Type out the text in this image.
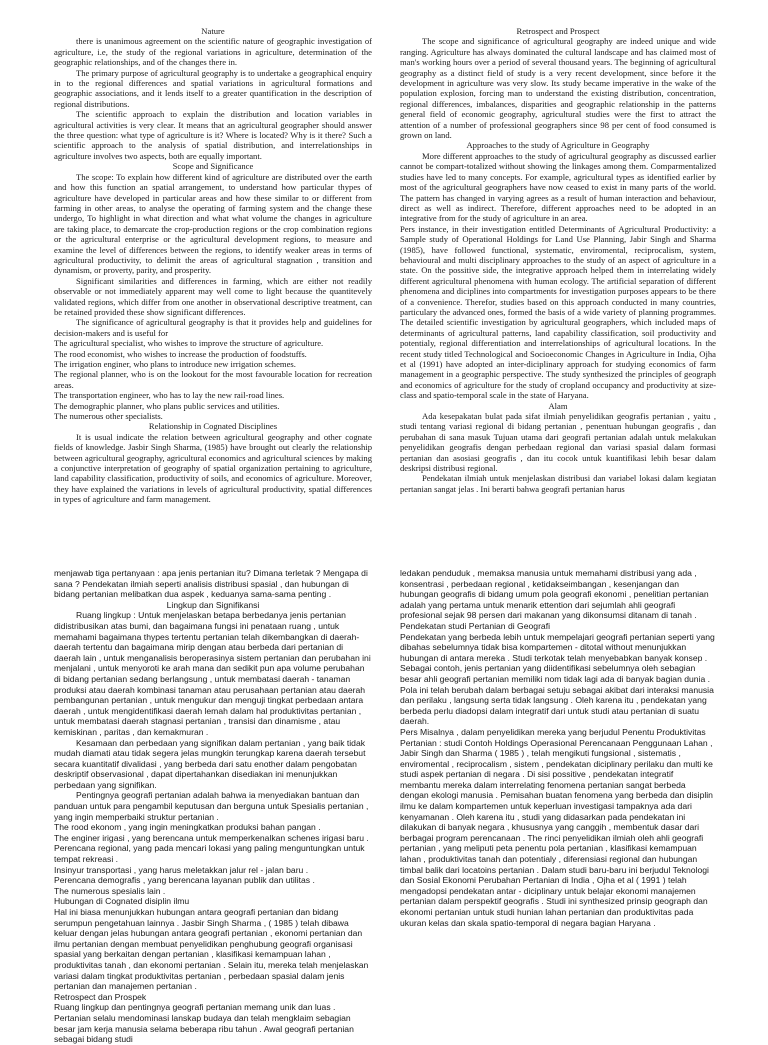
Nature

there is unanimous agreement on the scientific nature of geographic investigation of agriculture, i.e, the study of the regional variations in agriculture, determination of the geographic relationships, and of the changes there in.

The primary purpose of agricultural geography is to undertake a geographical enquiry in to the regional differences and spatial variations in agricultural formations and geographic associations, and it lends itself to a greater quantification in the description of regional distributions.

The scientific approach to explain the distribution and location variables in agricultural activities is very clear. It means that an agricultural geographer should answer the three question: what type of agriculture is it? Where is located? Why is it there? Such a scientific approach to the analysis of spatial distribution, and interrelationships in agriculture involves two aspects, both are equally important.

Scope and Significance

The scope: To explain how different kind of agriculture are distributed over the earth and how this function an spatial arrangement, to understand how particular thypes of agriculture have developed in particular areas and how these similar to or different from farming in other areas, to analyse the operating of farming system and the change these undergo, To highlight in what direction and what what volume the changes in agriculture are taking place, to demarcate the crop-production regions or the crop combination regions or the agricultural enterprise or the agricultural development regions, to measure and examine the level of differences between the regions, to identify weaker areas in terms of agricultural productivity, to delimit the areas of agricultural stagnation , transition and dynamism, or proverty, parity, and prosperity.

Significant similarities and differences in farming, which are either not readily observable or not immediately apparent may well come to light because the quantitevely validated regions, which differ from one another in observational descriptive treatment, can be retained provided these show significant differences.

The significance of agricultural geography is that it provides help and guidelines for decision-makers and is useful for

The agricultural specialist, who wishes to improve the structure of agriculture.

The rood economist, who wishes to increase the production of foodstuffs.

The irrigation enginer, who plans to introduce new irrigation schemes.

The regional planner, who is on the lookout for the most favourable location for recreation areas.

The transportation engineer, who has to lay the new rail-road lines.

The demographic planner, who plans public services and utilities.

The numerous other specialists.

Relationship in Cognated Disciplines

It is usual indicate the relation between agricultural geography and other cognate fields of knowledge. Jasbir Singh Sharma, (1985) have brought out clearly the relationship between agricultural geography, agricultural economics and agricultural sciences by making a conjunctive interpretation of geography of spatial organization pertaining to agriculture, land capability classification, productivity of soils, and economics of agriculture. Moreover, they have explained the variations in levels of agricultural productivity, spatial differences in types of agriculture and farm management.

Retrospect and Prospect

The scope and significance of agricultural geography are indeed unique and wide ranging. Agriculture has always dominated the cultural landscape and has claimed most of man's working hours over a period of several thousand years. The beginning of agricultural geography as a distinct field of study is a very recent development, since before it the development in agriculture was very slow. Its study became imperative in the wake of the population explosion, forcing man to understand the existing distribution, concentration, regional differences, imbalances, disparities and geographic relationship in the patterns general field of economic geography, agricultural studies were the first to attract the attention of a number of professional geographers since 98 per cent of food consumed is grown on land.

Approaches to the study of Agriculture in Geography

More different approaches to the study of agricultural geography as discussed earlier cannot be compart-totalized without showing the linkages among them. Comparmentalized studies have led to many concepts. For example, agricultural types as identified earlier by most of the agricultural geographers have now ceased to exist in many parts of the world. The pattern has changed in varying agrees as a result of human interaction and behaviour, direct as well as indirect. Therefore, different approaches need to be adopted in an integrative from for the study of agriculture in an area.

Pers instance, in their investigation entitled Determinants of Agricultural Productivity: a Sample study of Operational Holdings for Land Use Planning, Jabir Singh and Sharma (1985), have followed functional, systematic, enviromental, reciprocalism, system, behavioural and multi disciplinary approaches to the study of an aspect of agriculture in a state. On the possitive side, the integrative approach helped them in interrelating widely different agricultural phenomena with human ecology. The artificial separation of different phenomena and diciplines into compartments for investigation purposes appears to be there of a convenience. Therefor, studies based on this approach conducted in many countries, particulary the advanced ones, formed the basis of a wide variety of planning programmes. The detailed scientific investigation by agricultural geographers, which included maps of determinants of agricultural patterns, land capability classification, soil productivity and potentialy, regional differentiation and interrelationships of agricultural locations. In the recent study titled Technological and Socioeconomic Changes in Agriculture in India, Ojha et al (1991) have adopted an inter-diciplinary approach for studying economics of farm management in a geographic perspective. The study synthesized the principles of geograph and economics of agriculture for the study of cropland occupancy and productivity at size-class and spatio-temporal scale in the state of Haryana.

Alam

Ada kesepakatan bulat pada sifat ilmiah penyelidikan geografis pertanian , yaitu , studi tentang variasi regional di bidang pertanian , penentuan hubungan geografis , dan perubahan di sana masuk Tujuan utama dari geografi pertanian adalah untuk melakukan penyelidikan geografis dengan perbedaan regional dan variasi spasial dalam formasi pertanian dan asosiasi geografis , dan itu cocok untuk kuantifikasi lebih besar dalam deskripsi distribusi regional.

Pendekatan ilmiah untuk menjelaskan distribusi dan variabel lokasi dalam kegiatan pertanian sangat jelas . Ini berarti bahwa geografi pertanian harus

menjawab tiga pertanyaan : apa jenis pertanian itu? Dimana terletak ? Mengapa di sana ? Pendekatan ilmiah seperti analisis distribusi spasial , dan hubungan di bidang pertanian melibatkan dua aspek , keduanya sama-sama penting .

Lingkup dan Signifikansi

Ruang lingkup : Untuk menjelaskan betapa berbedanya jenis pertanian didistribusikan atas bumi, dan bagaimana fungsi ini penataan ruang , untuk memahami bagaimana thypes tertentu pertanian telah dikembangkan di daerah-daerah tertentu dan bagaimana mirip dengan atau berbeda dari pertanian di daerah lain , untuk menganalisis beroperasinya sistem pertanian dan perubahan ini menjalani , untuk menyoroti ke arah mana dan sedikit pun apa volume perubahan di bidang pertanian sedang berlangsung , untuk membatasi daerah - tanaman produksi atau daerah kombinasi tanaman atau perusahaan pertanian atau daerah pembangunan pertanian , untuk mengukur dan menguji tingkat perbedaan antara daerah , untuk mengidentifikasi daerah lemah dalam hal produktivitas pertanian , untuk membatasi daerah stagnasi pertanian , transisi dan dinamisme , atau kemiskinan , paritas , dan kemakmuran .

Kesamaan dan perbedaan yang signifikan dalam pertanian , yang baik tidak mudah diamati atau tidak segera jelas mungkin terungkap karena daerah tersebut secara kuantitatif divalidasi , yang berbeda dari satu enother dalam pengobatan deskriptif observasional , dapat dipertahankan disediakan ini menunjukkan perbedaan yang signifikan.

Pentingnya geografi pertanian adalah bahwa ia menyediakan bantuan dan panduan untuk para pengambil keputusan dan berguna untuk Spesialis pertanian , yang ingin memperbaiki struktur pertanian .

The rood ekonom , yang ingin meningkatkan produksi bahan pangan .

The enginer irigasi , yang berencana untuk memperkenalkan schenes irigasi baru .

Perencana regional, yang pada mencari lokasi yang paling menguntungkan untuk tempat rekreasi .

Insinyur transportasi , yang harus meletakkan jalur rel - jalan baru .

Perencana demografis , yang berencana layanan publik dan utilitas .

The numerous spesialis lain .

Hubungan di Cognated disiplin ilmu

Hal ini biasa menunjukkan hubungan antara geografi pertanian dan bidang serumpun pengetahuan lainnya . Jasbir Singh Sharma , ( 1985 ) telah dibawa keluar dengan jelas hubungan antara geografi pertanian , ekonomi pertanian dan ilmu pertanian dengan membuat penyelidikan penghubung geografi organisasi spasial yang berkaitan dengan pertanian , klasifikasi kemampuan lahan , produktivitas tanah , dan ekonomi pertanian . Selain itu, mereka telah menjelaskan variasi dalam tingkat produktivitas pertanian , perbedaan spasial dalam jenis pertanian dan manajemen pertanian .

Retrospect dan Prospek

Ruang lingkup dan pentingnya geografi pertanian memang unik dan luas . Pertanian selalu mendominasi lanskap budaya dan telah mengklaim sebagian besar jam kerja manusia selama beberapa ribu tahun . Awal geografi pertanian sebagai bidang studi

ledakan penduduk , memaksa manusia untuk memahami distribusi yang ada , konsentrasi , perbedaan regional , ketidakseimbangan , kesenjangan dan hubungan geografis di bidang umum pola geografi ekonomi , penelitian pertanian adalah yang pertama untuk menarik ettention dari sejumlah ahli geografi profesional sejak 98 persen dari makanan yang dikonsumsi ditanam di tanah .

Pendekatan studi Pertanian di Geografi

Pendekatan yang berbeda lebih untuk mempelajari geografi pertanian seperti yang dibahas sebelumnya tidak bisa kompartemen - ditotal without menunjukkan hubungan di antara mereka . Studi terkotak telah menyebabkan banyak konsep . Sebagai contoh, jenis pertanian yang diidentifikasi sebelumnya oleh sebagian besar ahli geografi pertanian memiliki nom tidak lagi ada di banyak bagian dunia . Pola ini telah berubah dalam berbagai setuju sebagai akibat dari interaksi manusia dan perilaku , langsung serta tidak langsung . Oleh karena itu , pendekatan yang berbeda perlu diadopsi dalam integratif dari untuk studi atau pertanian di suatu daerah.

Pers Misalnya , dalam penyelidikan mereka yang berjudul Penentu Produktivitas Pertanian : studi Contoh Holdings Operasional Perencanaan Penggunaan Lahan , Jabir Singh dan Sharma ( 1985 ) , telah mengikuti fungsional , sistematis , enviromental , reciprocalism , sistem , pendekatan diciplinary perilaku dan multi ke studi aspek pertanian di negara . Di sisi possitive , pendekatan integratif membantu mereka dalam interrelating fenomena pertanian sangat berbeda dengan ekologi manusia . Pemisahan buatan fenomena yang berbeda dan disiplin ilmu ke dalam kompartemen untuk keperluan investigasi tampaknya ada dari kenyamanan . Oleh karena itu , studi yang didasarkan pada pendekatan ini dilakukan di banyak negara , khususnya yang canggih , membentuk dasar dari berbagai program perencanaan . The rinci penyelidikan ilmiah oleh ahli geografi pertanian , yang meliputi peta penentu pola pertanian , klasifikasi kemampuan lahan , produktivitas tanah dan potentialy , diferensiasi regional dan hubungan timbal balik dari locatoins pertanian . Dalam studi baru-baru ini berjudul Teknologi dan Sosial Ekonomi Perubahan Pertanian di India , Ojha et al ( 1991 ) telah mengadopsi pendekatan antar - diciplinary untuk belajar ekonomi manajemen pertanian dalam perspektif geografis . Studi ini synthesized prinsip geograph dan ekonomi pertanian untuk studi hunian lahan pertanian dan produktivitas pada ukuran kelas dan skala spatio-temporal di negara bagian Haryana .
